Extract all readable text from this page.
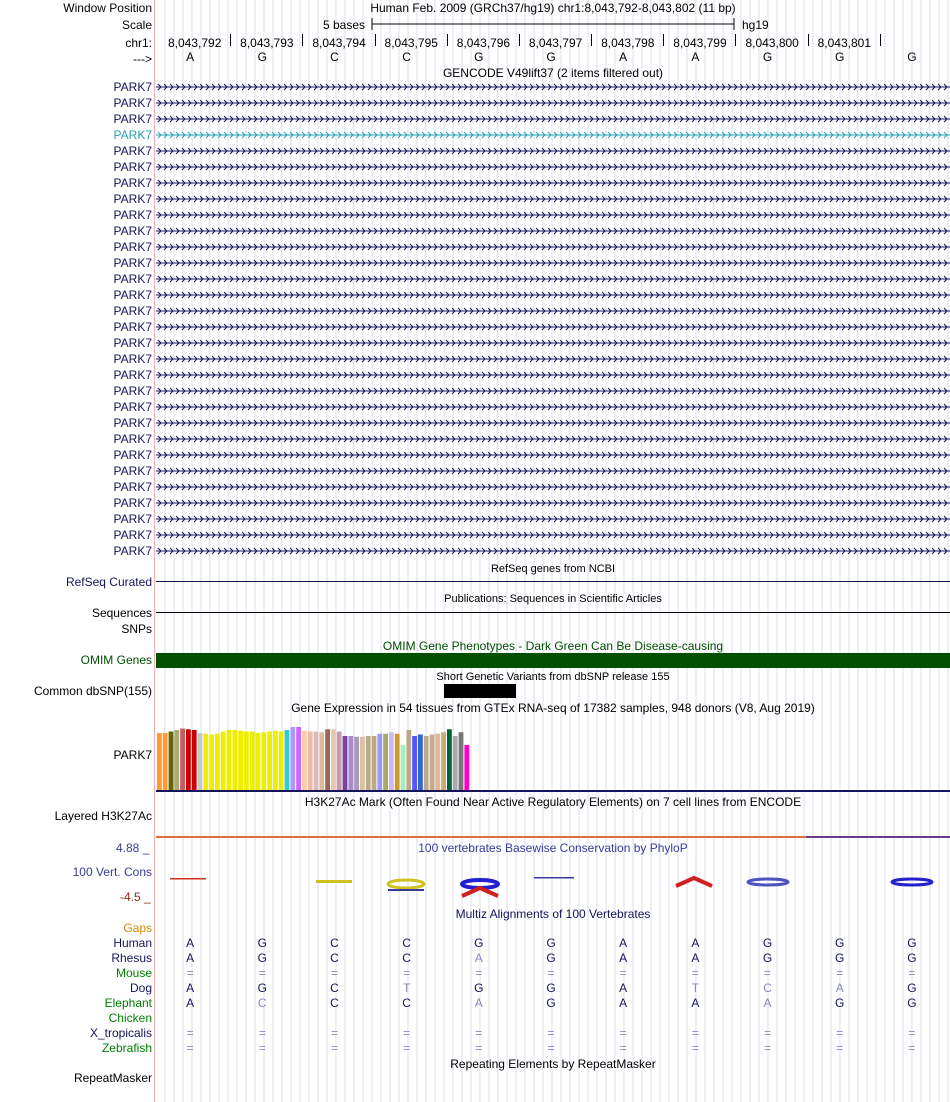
Window Position	Human Feb. 2009 (GRCh37/hg19) chr1:8,043,792-8,043,802 (11 bp)
Scale	5 bases	hg19
chr1: 8,043,792 8,043,793 8,043,794 8,043,795 8,043,796 8,043,797 8,043,798 8,043,799 8,043,800 8,043,801
--->	A	G	C	C	G	G	A	A	G	G	G
GENCODE V49lift37 (2 items filtered out)
PARK7
PARK7
PARK7
PARK7
PARK7
PARK7
PARK7
PARK7
PARK7
PARK7
PARK7
PARK7
PARK7
PARK7
PARK7
PARK7
PARK7
PARK7
PARK7
PARK7
PARK7
PARK7
PARK7
PARK7
PARK7
PARK7
PARK7
PARK7
PARK7
PARK7
RefSeq genes from NCBI
RefSeq Curated
Publications: Sequences in Scientific Articles
Sequences
SNPs
OMIM Gene Phenotypes - Dark Green Can Be Disease-causing
OMIM Genes
Short Genetic Variants from dbSNP release 155
Common dbSNP(155)
Gene Expression in 54 tissues from GTEx RNA-seq of 17382 samples, 948 donors (V8, Aug 2019)
PARK7
H3K27Ac Mark (Often Found Near Active Regulatory Elements) on 7 cell lines from ENCODE
Layered H3K27Ac
100 vertebrates Basewise Conservation by PhyloP
4.88 _
100 Vert. Cons
-4.5 _
Multiz Alignments of 100 Vertebrates
Gaps
Human	A	G	C	C	G	G	A	A	G	G	G
Rhesus	A	G	C	C	A	G	A	A	G	G	G
Mouse	=	=	=	=	=	=	=	=	=	=	=
Dog	A	G	C	T	G	G	A	T	C	A	G
Elephant	A	C	C	C	A	G	A	A	A	G	G
Chicken
X_tropicalis	=	=	=	=	=	=	=	=	=	=	=
Zebrafish	=	=	=	=	=	=	=	=	=	=	=
Repeating Elements by RepeatMasker
RepeatMasker
